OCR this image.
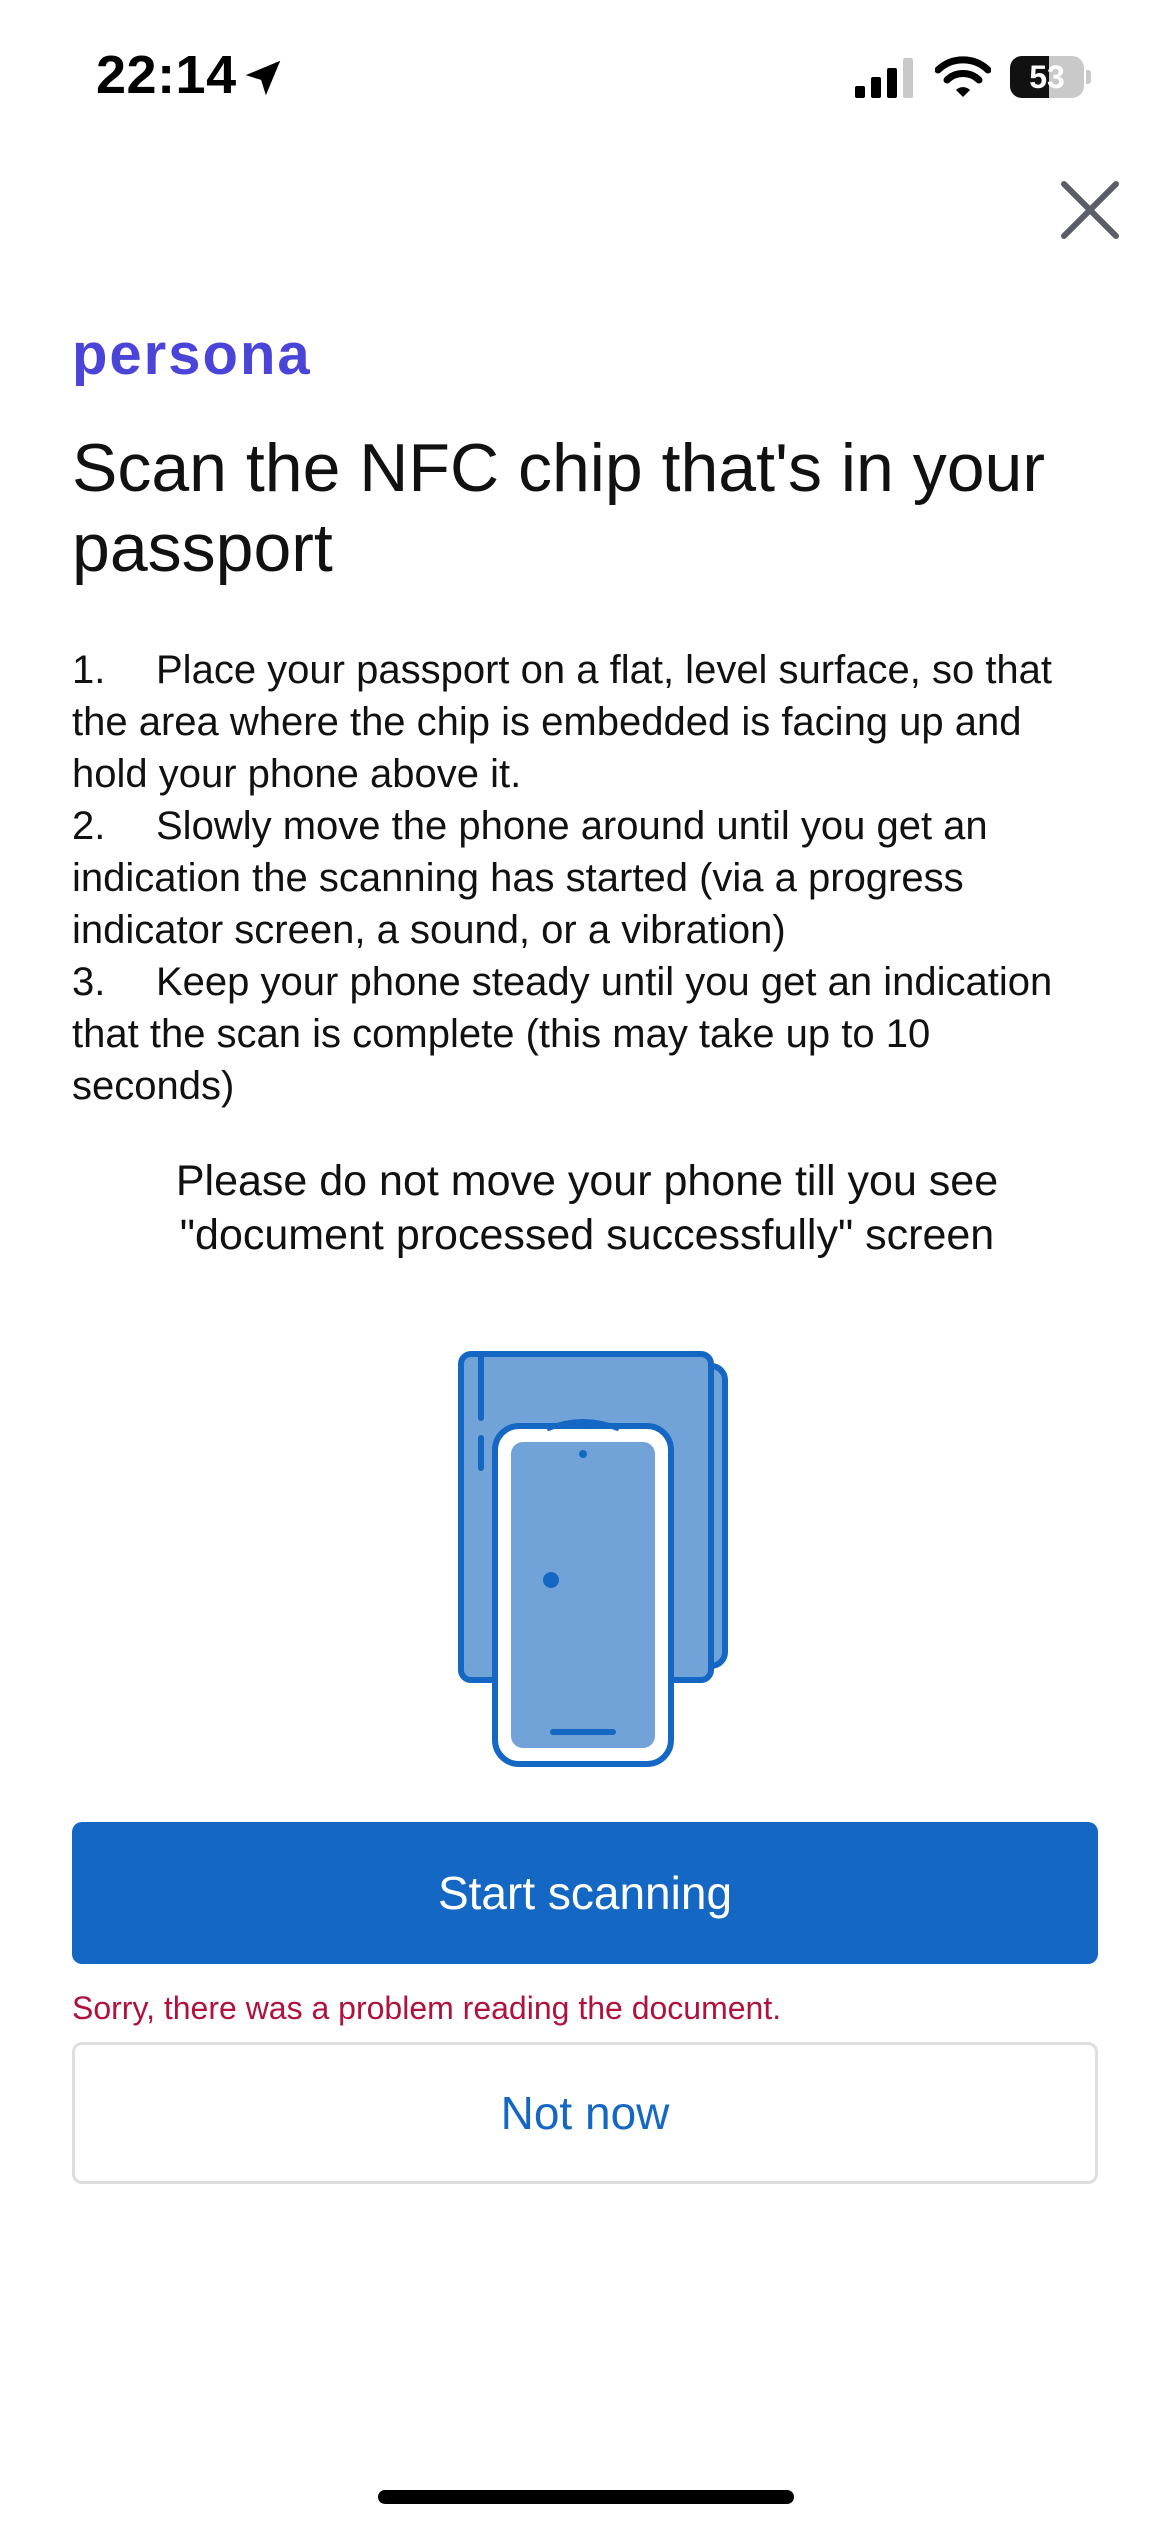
22:14	53
persona
Scan the NFC chip that's in your passport
1. Place your passport on a flat, level surface, so that the area where the chip is embedded is facing up and hold your phone above it.
2. Slowly move the phone around until you get an indication the scanning has started (via a progress indicator screen, a sound, or a vibration)
3. Keep your phone steady until you get an indication that the scan is complete (this may take up to 10 seconds)
Please do not move your phone till you see "document processed successfully" screen
Start scanning
Sorry, there was a problem reading the document.
Not now
